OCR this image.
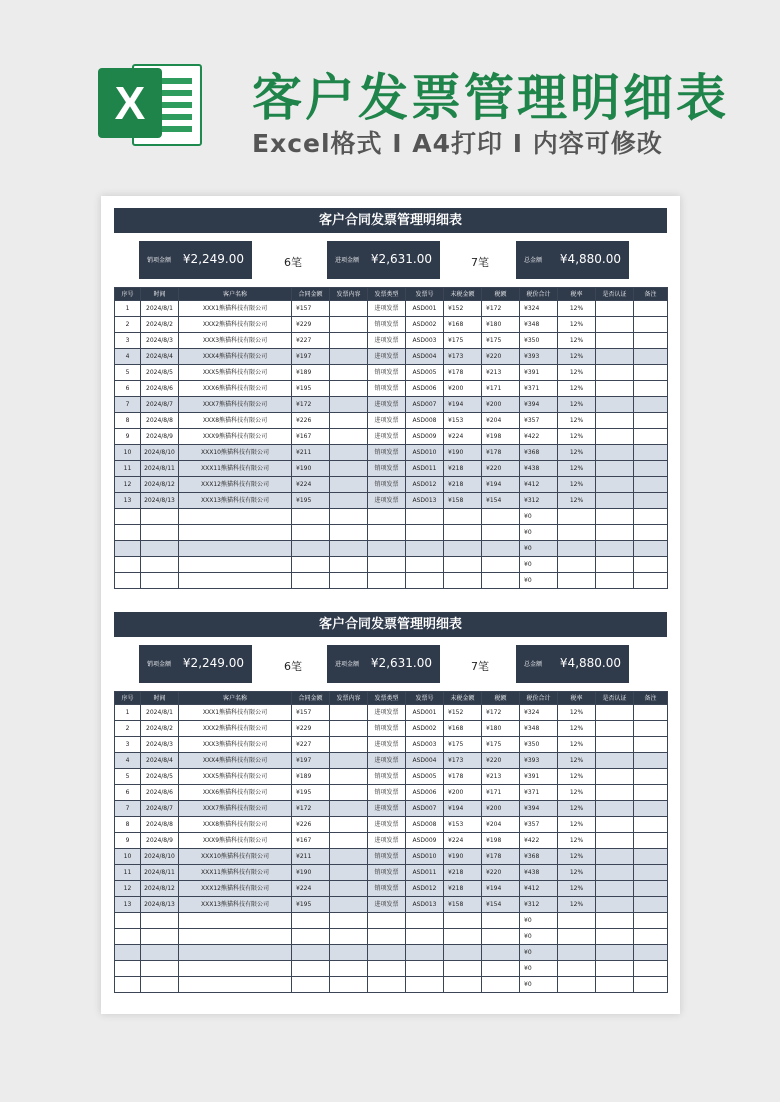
X	客户发票管理明细表
Excel格式 I A4打印 I 内容可修改
客户合同发票管理明细表
销项金额 ¥2,249.00	6笔	进项金额 ¥2,631.00	7笔	总金额 ¥4,880.00
序号	时间	客户名称	合同金额	发票内容	发票类型	发票号	未税金额	税额	税价合计	税率	是否认证	备注
1	2024/8/1	XXX1熊猫科技有限公司	¥157		进项发票	ASD001	¥152	¥172	¥324	12%		
2	2024/8/2	XXX2熊猫科技有限公司	¥229		销项发票	ASD002	¥168	¥180	¥348	12%		
3	2024/8/3	XXX3熊猫科技有限公司	¥227		进项发票	ASD003	¥175	¥175	¥350	12%		
4	2024/8/4	XXX4熊猫科技有限公司	¥197		进项发票	ASD004	¥173	¥220	¥393	12%		
5	2024/8/5	XXX5熊猫科技有限公司	¥189		销项发票	ASD005	¥178	¥213	¥391	12%		
6	2024/8/6	XXX6熊猫科技有限公司	¥195		销项发票	ASD006	¥200	¥171	¥371	12%		
7	2024/8/7	XXX7熊猫科技有限公司	¥172		进项发票	ASD007	¥194	¥200	¥394	12%		
8	2024/8/8	XXX8熊猫科技有限公司	¥226		进项发票	ASD008	¥153	¥204	¥357	12%		
9	2024/8/9	XXX9熊猫科技有限公司	¥167		进项发票	ASD009	¥224	¥198	¥422	12%		
10	2024/8/10	XXX10熊猫科技有限公司	¥211		销项发票	ASD010	¥190	¥178	¥368	12%		
11	2024/8/11	XXX11熊猫科技有限公司	¥190		销项发票	ASD011	¥218	¥220	¥438	12%		
12	2024/8/12	XXX12熊猫科技有限公司	¥224		销项发票	ASD012	¥218	¥194	¥412	12%		
13	2024/8/13	XXX13熊猫科技有限公司	¥195		进项发票	ASD013	¥158	¥154	¥312	12%		
									¥0			
									¥0			
									¥0			
									¥0			
									¥0			
客户合同发票管理明细表
销项金额 ¥2,249.00	6笔	进项金额 ¥2,631.00	7笔	总金额 ¥4,880.00
序号	时间	客户名称	合同金额	发票内容	发票类型	发票号	未税金额	税额	税价合计	税率	是否认证	备注
1	2024/8/1	XXX1熊猫科技有限公司	¥157		进项发票	ASD001	¥152	¥172	¥324	12%		
2	2024/8/2	XXX2熊猫科技有限公司	¥229		销项发票	ASD002	¥168	¥180	¥348	12%		
3	2024/8/3	XXX3熊猫科技有限公司	¥227		进项发票	ASD003	¥175	¥175	¥350	12%		
4	2024/8/4	XXX4熊猫科技有限公司	¥197		进项发票	ASD004	¥173	¥220	¥393	12%		
5	2024/8/5	XXX5熊猫科技有限公司	¥189		销项发票	ASD005	¥178	¥213	¥391	12%		
6	2024/8/6	XXX6熊猫科技有限公司	¥195		销项发票	ASD006	¥200	¥171	¥371	12%		
7	2024/8/7	XXX7熊猫科技有限公司	¥172		进项发票	ASD007	¥194	¥200	¥394	12%		
8	2024/8/8	XXX8熊猫科技有限公司	¥226		进项发票	ASD008	¥153	¥204	¥357	12%		
9	2024/8/9	XXX9熊猫科技有限公司	¥167		进项发票	ASD009	¥224	¥198	¥422	12%		
10	2024/8/10	XXX10熊猫科技有限公司	¥211		销项发票	ASD010	¥190	¥178	¥368	12%		
11	2024/8/11	XXX11熊猫科技有限公司	¥190		销项发票	ASD011	¥218	¥220	¥438	12%		
12	2024/8/12	XXX12熊猫科技有限公司	¥224		销项发票	ASD012	¥218	¥194	¥412	12%		
13	2024/8/13	XXX13熊猫科技有限公司	¥195		进项发票	ASD013	¥158	¥154	¥312	12%		
									¥0			
									¥0			
									¥0			
									¥0			
									¥0			
